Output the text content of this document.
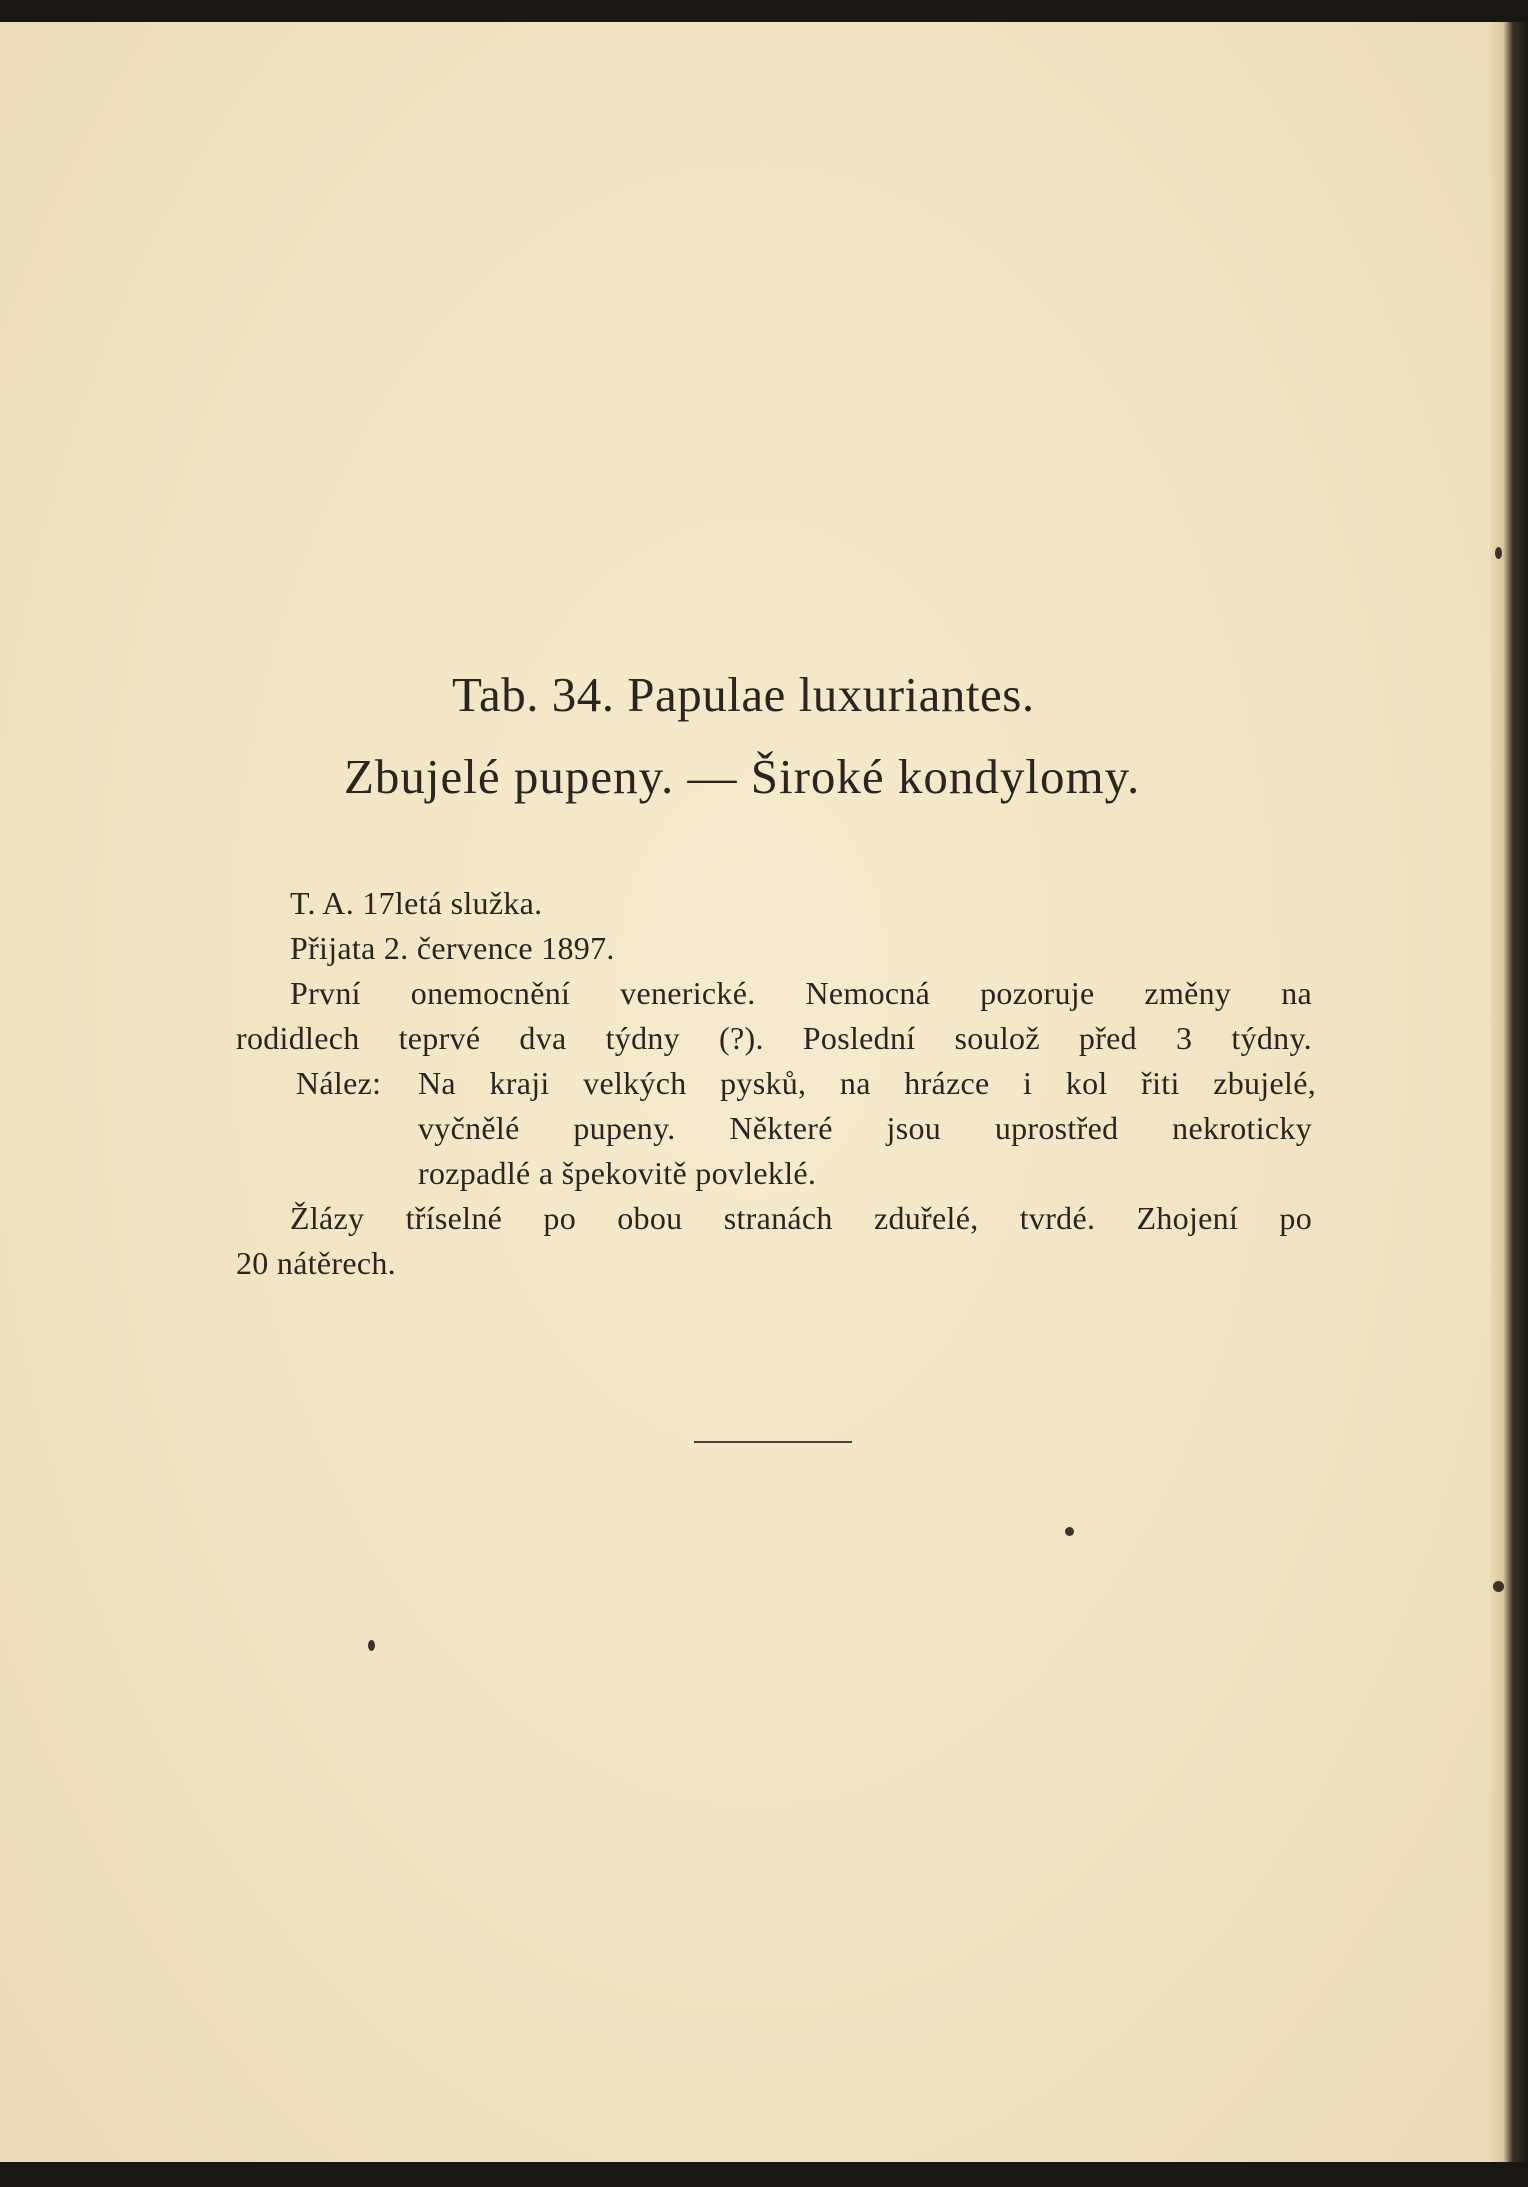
Tab. 34. Papulae luxuriantes.
Zbujelé pupeny. — Široké kondylomy.
T. A. 17letá služka.
Přijata 2. července 1897.
První onemocnění venerické. Nemocná pozoruje změny na
rodidlech teprvé dva týdny (?). Poslední soulož před 3 týdny.
Nález: Na kraji velkých pysků, na hrázce i kol řiti zbujelé,
vyčnělé pupeny. Některé jsou uprostřed nekroticky
rozpadlé a špekovitě povleklé.
Žlázy tříselné po obou stranách zduřelé, tvrdé. Zhojení po
20 nátěrech.
